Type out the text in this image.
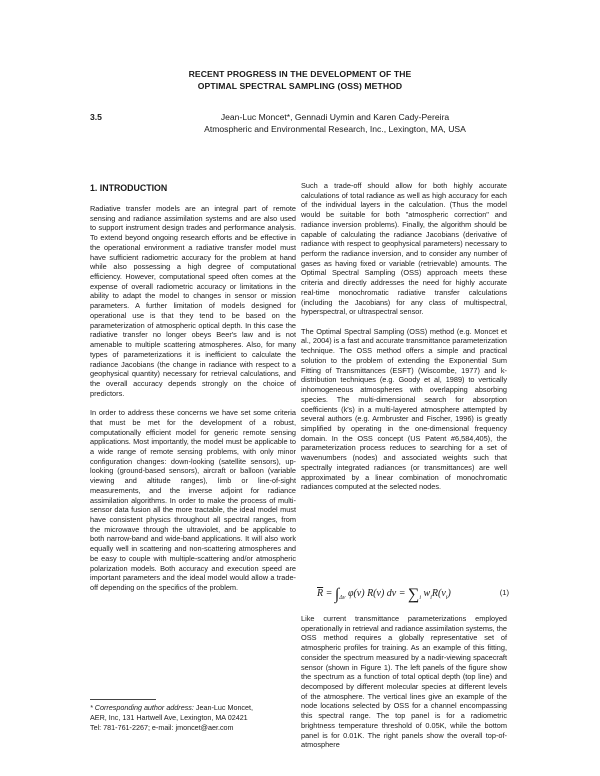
RECENT PROGRESS IN THE DEVELOPMENT OF THE
OPTIMAL SPECTRAL SAMPLING (OSS) METHOD
3.5	Jean-Luc Moncet*, Gennadi Uymin and Karen Cady-Pereira
Atmospheric and Environmental Research, Inc., Lexington, MA, USA
1. INTRODUCTION

Radiative transfer models are an integral part of remote sensing and radiance assimilation systems and are also used to support instrument design trades and performance analysis. To extend beyond ongoing research efforts and be effective in the operational environment a radiative transfer model must have sufficient radiometric accuracy for the problem at hand while also possessing a high degree of computational efficiency. However, computational speed often comes at the expense of overall radiometric accuracy or limitations in the ability to adapt the model to changes in sensor or mission parameters. A further limitation of models designed for operational use is that they tend to be based on the parameterization of atmospheric optical depth. In this case the radiative transfer no longer obeys Beer's law and is not amenable to multiple scattering atmospheres. Also, for many types of parameterizations it is inefficient to calculate the radiance Jacobians (the change in radiance with respect to a geophysical quantity) necessary for retrieval calculations, and the overall accuracy depends strongly on the choice of predictors.

In order to address these concerns we have set some criteria that must be met for the development of a robust, computationally efficient model for generic remote sensing applications. Most importantly, the model must be applicable to a wide range of remote sensing problems, with only minor configuration changes: down-looking (satellite sensors), up-looking (ground-based sensors), aircraft or balloon (variable viewing and altitude ranges), limb or line-of-sight measurements, and the inverse adjoint for radiance assimilation algorithms. In order to make the process of multi-sensor data fusion all the more tractable, the ideal model must have consistent physics throughout all spectral ranges, from the microwave through the ultraviolet, and be applicable to both narrow-band and wide-band applications. It will also work equally well in scattering and non-scattering atmospheres and be easy to couple with multiple-scattering and/or atmospheric polarization models. Both accuracy and execution speed are important parameters and the ideal model would allow a trade-off depending on the specifics of the problem.

* Corresponding author address: Jean-Luc Moncet,
AER, Inc, 131 Hartwell Ave, Lexington, MA 02421
Tel: 781-761-2267; e-mail: jmoncet@aer.com

Such a trade-off should allow for both highly accurate calculations of total radiance as well as high accuracy for each of the individual layers in the calculation. (Thus the model would be suitable for both "atmospheric correction" and radiance inversion problems). Finally, the algorithm should be capable of calculating the radiance Jacobians (derivative of radiance with respect to geophysical parameters) necessary to perform the radiance inversion, and to consider any number of gases as having fixed or variable (retrievable) amounts. The Optimal Spectral Sampling (OSS) approach meets these criteria and directly addresses the need for highly accurate real-time monochromatic radiative transfer calculations (including the Jacobians) for any class of multispectral, hyperspectral, or ultraspectral sensor.

The Optimal Spectral Sampling (OSS) method (e.g. Moncet et al., 2004) is a fast and accurate transmittance parameterization technique. The OSS method offers a simple and practical solution to the problem of extending the Exponential Sum Fitting of Transmittances (ESFT) (Wiscombe, 1977) and k-distribution techniques (e.g. Goody et al, 1989) to vertically inhomogeneous atmospheres with overlapping absorbing species. The multi-dimensional search for absorption coefficients (k's) in a multi-layered atmosphere attempted by several authors (e.g. Armbruster and Fischer, 1996) is greatly simplified by operating in the one-dimensional frequency domain. In the OSS concept (US Patent #6,584,405), the parameterization process reduces to searching for a set of wavenumbers (nodes) and associated weights such that spectrally integrated radiances (or transmittances) are well approximated by a linear combination of monochromatic radiances computed at the selected nodes.

$\overline{R} = \int_{\Delta\nu}$ φ(ν) R(ν) $d\nu = \sum_i$ $w_iR(\nu_i)$	(1)

Like current transmittance parameterizations employed operationally in retrieval and radiance assimilation systems, the OSS method requires a globally representative set of atmospheric profiles for training. As an example of this fitting, consider the spectrum measured by a nadir-viewing spacecraft sensor (shown in Figure 1). The left panels of the figure show the spectrum as a function of total optical depth (top line) and decomposed by different molecular species at different levels of the atmosphere. The vertical lines give an example of the node locations selected by OSS for a channel encompassing this spectral range. The top panel is for a radiometric brightness temperature threshold of 0.05K, while the bottom panel is for 0.01K. The right panels show the overall top-of- atmosphere
